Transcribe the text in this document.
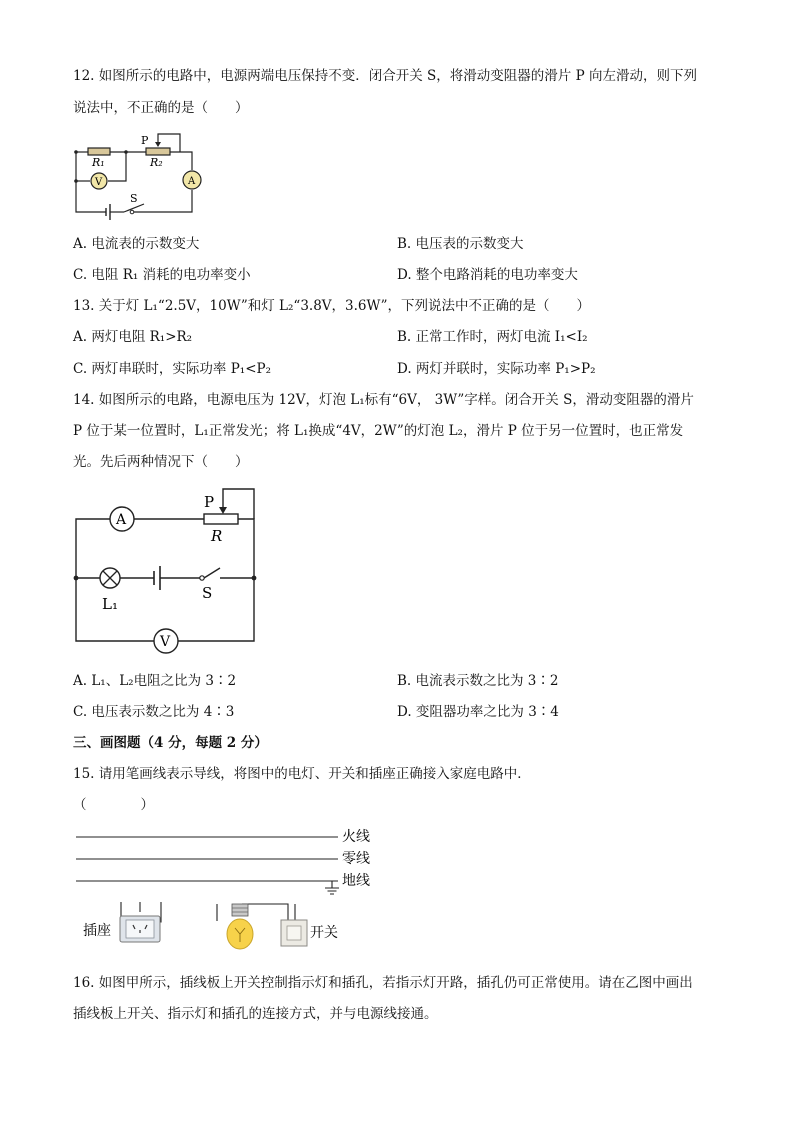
12. 如图所示的电路中，电源两端电压保持不变．闭合开关 S，将滑动变阻器的滑片 P 向左滑动，则下列
说法中，不正确的是（　　）
V	A
P
R₁	R₂
S
A. 电流表的示数变大	B. 电压表的示数变大
C. 电阻 R₁ 消耗的电功率变小	D. 整个电路消耗的电功率变大
13. 关于灯 L₁“2.5V，10W”和灯 L₂“3.8V，3.6W”，下列说法中不正确的是（　　）
A. 两灯电阻 R₁>R₂	B. 正常工作时，两灯电流 I₁<I₂
C. 两灯串联时，实际功率 P₁<P₂	D. 两灯并联时，实际功率 P₁>P₂
14. 如图所示的电路，电源电压为 12V，灯泡 L₁标有“6V， 3W”字样。闭合开关 S，滑动变阻器的滑片
P 位于某一位置时，L₁正常发光；将 L₁换成“4V，2W”的灯泡 L₂，滑片 P 位于另一位置时，也正常发
光。先后两种情况下（　　）
A
V
P
R
L₁
S
A. L₁、L₂电阻之比为 3∶2	B. 电流表示数之比为 3∶2
C. 电压表示数之比为 4∶3	D. 变阻器功率之比为 3∶4
三、画图题（4 分，每题 2 分）
15. 请用笔画线表示导线，将图中的电灯、开关和插座正确接入家庭电路中．
（　　　　）
火线
零线
地线
插座	开关
16. 如图甲所示，插线板上开关控制指示灯和插孔，若指示灯开路，插孔仍可正常使用。请在乙图中画出
插线板上开关、指示灯和插孔的连接方式，并与电源线接通。
